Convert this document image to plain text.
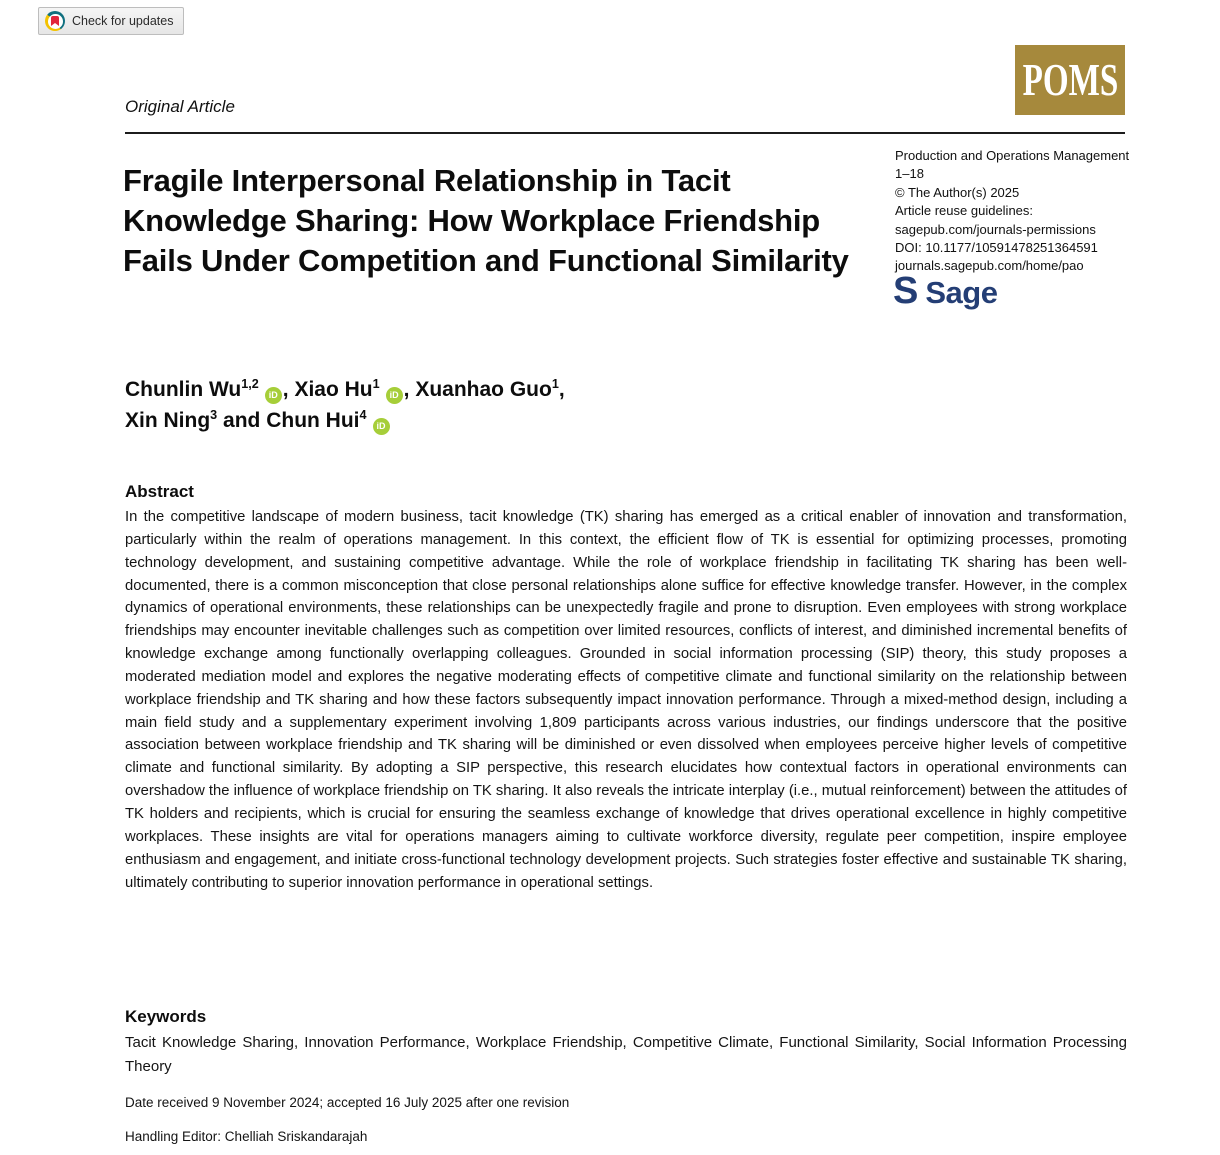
Check for updates
POMS
Original Article
Fragile Interpersonal Relationship in Tacit Knowledge Sharing: How Workplace Friendship Fails Under Competition and Functional Similarity
Production and Operations Management
1–18
© The Author(s) 2025
Article reuse guidelines:
sagepub.com/journals-permissions
DOI: 10.1177/10591478251364591
journals.sagepub.com/home/pao
S Sage
Chunlin Wu$^{1,2}$iD , Xiao Hu$^1$iD , Xuanhao Guo$^1$,
Xin Ning$^3$ and Chun Hui$^4$iD
Abstract
In the competitive landscape of modern business, tacit knowledge (TK) sharing has emerged as a critical enabler of innovation and transformation, particularly within the realm of operations management. In this context, the efficient flow of TK is essential for optimizing processes, promoting technology development, and sustaining competitive advantage. While the role of workplace friendship in facilitating TK sharing has been well-documented, there is a common misconception that close personal relationships alone suffice for effective knowledge transfer. However, in the complex dynamics of operational environments, these relationships can be unexpectedly fragile and prone to disruption. Even employees with strong workplace friendships may encounter inevitable challenges such as competition over limited resources, conflicts of interest, and diminished incremental benefits of knowledge exchange among functionally overlapping colleagues. Grounded in social information processing (SIP) theory, this study proposes a moderated mediation model and explores the negative moderating effects of competitive climate and functional similarity on the relationship between workplace friendship and TK sharing and how these factors subsequently impact innovation performance. Through a mixed-method design, including a main field study and a supplementary experiment involving 1,809 participants across various industries, our findings underscore that the positive association between workplace friendship and TK sharing will be diminished or even dissolved when employees perceive higher levels of competitive climate and functional similarity. By adopting a SIP perspective, this research elucidates how contextual factors in operational environments can overshadow the influence of workplace friendship on TK sharing. It also reveals the intricate interplay (i.e., mutual reinforcement) between the attitudes of TK holders and recipients, which is crucial for ensuring the seamless exchange of knowledge that drives operational excellence in highly competitive workplaces. These insights are vital for operations managers aiming to cultivate workforce diversity, regulate peer competition, inspire employee enthusiasm and engagement, and initiate cross-functional technology development projects. Such strategies foster effective and sustainable TK sharing, ultimately contributing to superior innovation performance in operational settings.
Keywords
Tacit Knowledge Sharing, Innovation Performance, Workplace Friendship, Competitive Climate, Functional Similarity, Social Information Processing Theory
Date received 9 November 2024; accepted 16 July 2025 after one revision
Handling Editor: Chelliah Sriskandarajah
